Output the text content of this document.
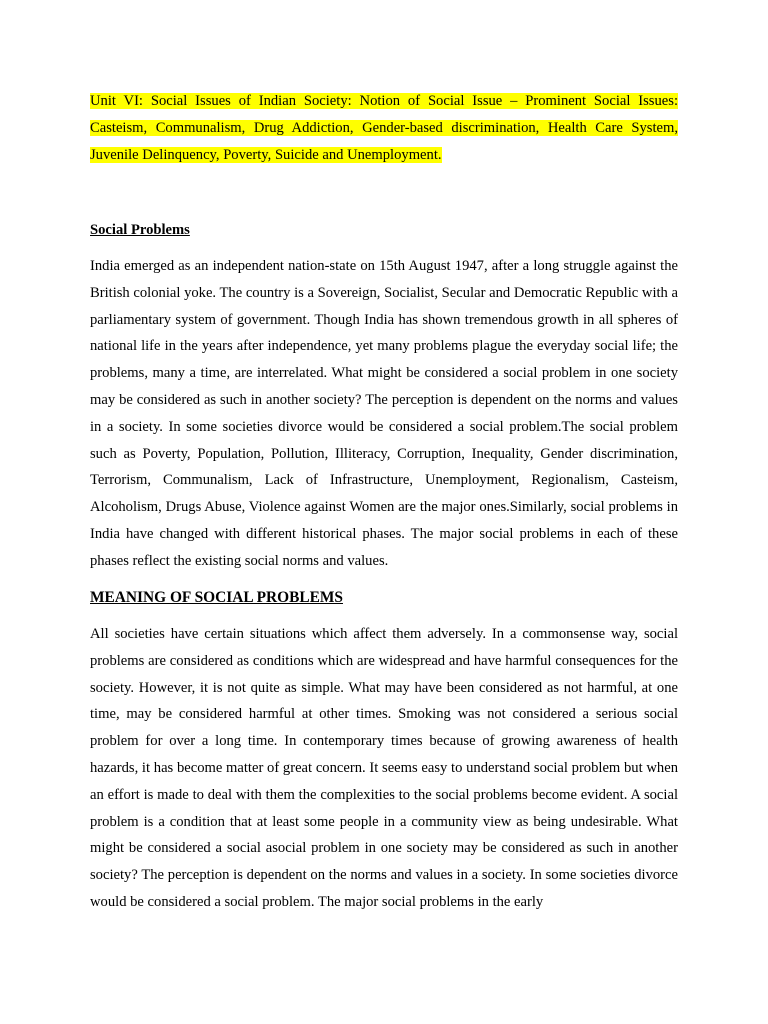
Unit VI: Social Issues of Indian Society: Notion of Social Issue – Prominent Social Issues: Casteism, Communalism, Drug Addiction, Gender-based discrimination, Health Care System, Juvenile Delinquency, Poverty, Suicide and Unemployment.
Social Problems

India emerged as an independent nation-state on 15th August 1947, after a long struggle against the British colonial yoke. The country is a Sovereign, Socialist, Secular and Democratic Republic with a parliamentary system of government. Though India has shown tremendous growth in all spheres of national life in the years after independence, yet many problems plague the everyday social life; the problems, many a time, are interrelated. What might be considered a social problem in one society may be considered as such in another society? The perception is dependent on the norms and values in a society. In some societies divorce would be considered a social problem.The social problem such as Poverty, Population, Pollution, Illiteracy, Corruption, Inequality, Gender discrimination, Terrorism, Communalism, Lack of Infrastructure, Unemployment, Regionalism, Casteism, Alcoholism, Drugs Abuse, Violence against Women are the major ones.Similarly, social problems in India have changed with different historical phases. The major social problems in each of these phases reflect the existing social norms and values.

MEANING OF SOCIAL PROBLEMS

All societies have certain situations which affect them adversely. In a commonsense way, social problems are considered as conditions which are widespread and have harmful consequences for the society. However, it is not quite as simple. What may have been considered as not harmful, at one time, may be considered harmful at other times. Smoking was not considered a serious social problem for over a long time. In contemporary times because of growing awareness of health hazards, it has become matter of great concern. It seems easy to understand social problem but when an effort is made to deal with them the complexities to the social problems become evident. A social problem is a condition that at least some people in a community view as being undesirable. What might be considered a social asocial problem in one society may be considered as such in another society? The perception is dependent on the norms and values in a society. In some societies divorce would be considered a social problem. The major social problems in the early
